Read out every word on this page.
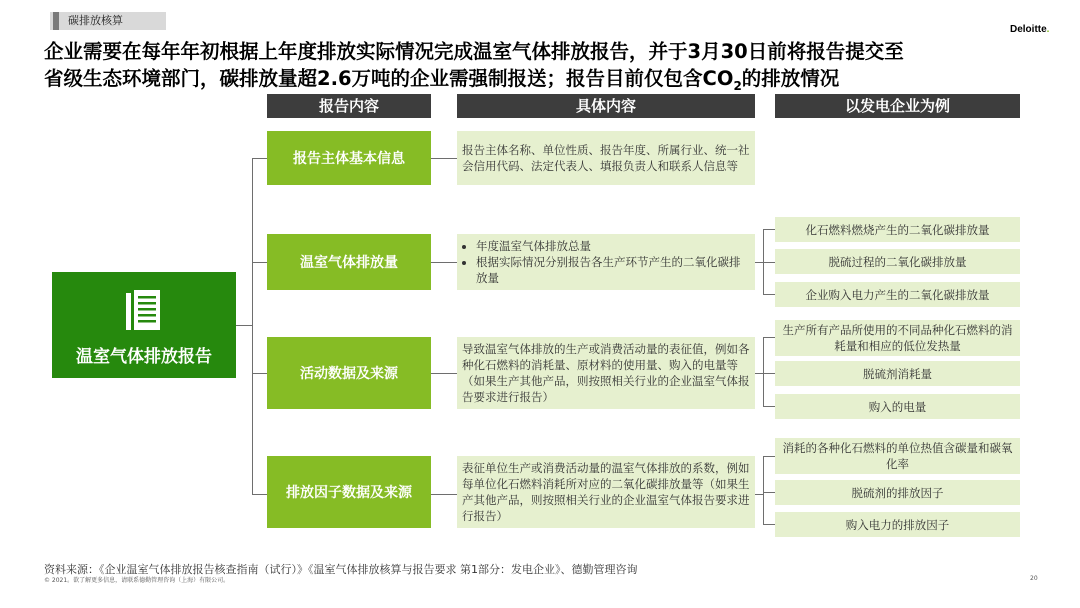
碳排放核算
Deloitte.
企业需要在每年年初根据上年度排放实际情况完成温室气体排放报告，并于3月30日前将报告提交至
省级生态环境部门，碳排放量超2.6万吨的企业需强制报送；报告目前仅包含$CO_2$的排放情况
报告内容	具体内容	以发电企业为例
温室气体排放报告
报告主体基本信息
报告主体名称、单位性质、报告年度、所属行业、统一社会信用代码、法定代表人、填报负责人和联系人信息等
温室气体排放量
• 年度温室气体排放总量
• 根据实际情况分别报告各生产环节产生的二氧化碳排放量
化石燃料燃烧产生的二氧化碳排放量
脱硫过程的二氧化碳排放量
企业购入电力产生的二氧化碳排放量
活动数据及来源
导致温室气体排放的生产或消费活动量的表征值，例如各种化石燃料的消耗量、原材料的使用量、购入的电量等（如果生产其他产品，则按照相关行业的企业温室气体报告要求进行报告）
生产所有产品所使用的不同品种化石燃料的消耗量和相应的低位发热量
脱硫剂消耗量
购入的电量
排放因子数据及来源
表征单位生产或消费活动量的温室气体排放的系数，例如每单位化石燃料消耗所对应的二氧化碳排放量等（如果生产其他产品，则按照相关行业的企业温室气体报告要求进行报告）
消耗的各种化石燃料的单位热值含碳量和碳氧化率
脱硫剂的排放因子
购入电力的排放因子
资料来源：《企业温室气体排放报告核查指南（试行）》《温室气体排放核算与报告要求 第1部分：发电企业》、德勤管理咨询
© 2021。欲了解更多信息，请联系德勤管理咨询（上海）有限公司。	20
